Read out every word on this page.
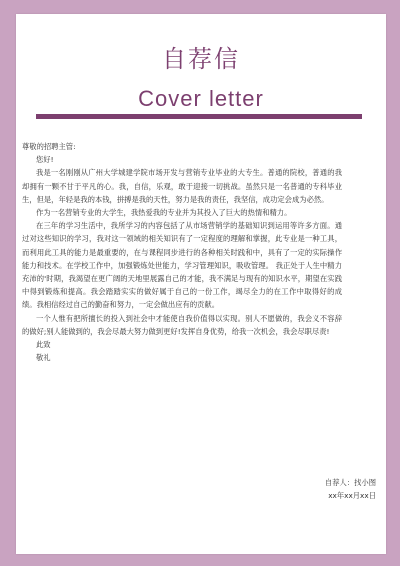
自荐信
Cover letter

尊敬的招聘主管:

您好!

我是一名刚刚从广州大学城建学院市场开发与营销专业毕业的大专生。普通的院校，普通的我却拥有一颗不甘于平凡的心。我，自信，乐观，敢于迎接一切挑战。虽然只是一名普通的专科毕业生，但是，年轻是我的本钱，拼搏是我的天性，努力是我的责任，我坚信，成功定会成为必然。

作为一名营销专业的大学生，我热爱我的专业并为其投入了巨大的热情和精力。

在三年的学习生活中，我所学习的内容包括了从市场营销学的基础知识到运用等许多方面。通过对这些知识的学习，我对这一领域的相关知识有了一定程度的理解和掌握，此专业是一种工具，而利用此工具的能力是最重要的，在与课程同步进行的各种相关时践和中，具有了一定的实际操作能力和技术。在学校工作中，加强锻炼处世能力，学习管理知识，吸收管理。 我正处于人生中精力充沛的'时期，我渴望在更广阔的天地里展露自己的才能，我不满足与现有的知识水平，期望在实践中得到锻炼和提高。我会踏踏实实的做好属于自己的一份工作，竭尽全力的在工作中取得好的成绩。我相信经过自己的勤奋和努力，一定会做出应有的贡献。

一个人惟有把所擅长的投入到社会中才能使自我价值得以实现。别人不愿做的，我会义不容辞的做好;别人能做到的，我会尽最大努力做到更好!发挥自身优势，给我一次机会，我会尽职尽责!

此致

敬礼

自荐人：找小图

xx年xx月xx日
